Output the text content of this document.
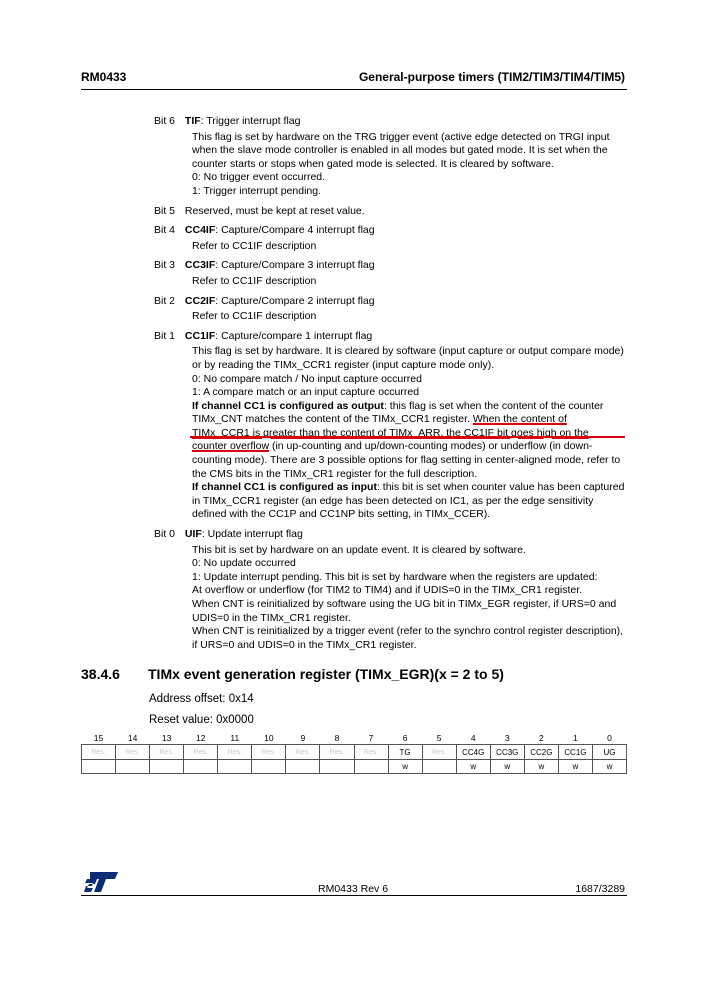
RM0433	General-purpose timers (TIM2/TIM3/TIM4/TIM5)
Bit 6 TIF: Trigger interrupt flag
This flag is set by hardware on the TRG trigger event (active edge detected on TRGI input
when the slave mode controller is enabled in all modes but gated mode. It is set when the
counter starts or stops when gated mode is selected. It is cleared by software.
0: No trigger event occurred.
1: Trigger interrupt pending.
Bit 5 Reserved, must be kept at reset value.
Bit 4 CC4IF: Capture/Compare 4 interrupt flag
Refer to CC1IF description
Bit 3 CC3IF: Capture/Compare 3 interrupt flag
Refer to CC1IF description
Bit 2 CC2IF: Capture/Compare 2 interrupt flag
Refer to CC1IF description
Bit 1 CC1IF: Capture/compare 1 interrupt flag
This flag is set by hardware. It is cleared by software (input capture or output compare mode)
or by reading the TIMx_CCR1 register (input capture mode only).
0: No compare match / No input capture occurred
1: A compare match or an input capture occurred
If channel CC1 is configured as output: this flag is set when the content of the counter
TIMx_CNT matches the content of the TIMx_CCR1 register. When the content of
TIMx_CCR1 is greater than the content of TIMx_ARR, the CC1IF bit goes high on the
counter overflow (in up-counting and up/down-counting modes) or underflow (in down-
counting mode). There are 3 possible options for flag setting in center-aligned mode, refer to
the CMS bits in the TIMx_CR1 register for the full description.
If channel CC1 is configured as input: this bit is set when counter value has been captured
in TIMx_CCR1 register (an edge has been detected on IC1, as per the edge sensitivity
defined with the CC1P and CC1NP bits setting, in TIMx_CCER).
Bit 0 UIF: Update interrupt flag
This bit is set by hardware on an update event. It is cleared by software.
0: No update occurred
1: Update interrupt pending. This bit is set by hardware when the registers are updated:
At overflow or underflow (for TIM2 to TIM4) and if UDIS=0 in the TIMx_CR1 register.
When CNT is reinitialized by software using the UG bit in TIMx_EGR register, if URS=0 and
UDIS=0 in the TIMx_CR1 register.
When CNT is reinitialized by a trigger event (refer to the synchro control register description),
if URS=0 and UDIS=0 in the TIMx_CR1 register.
38.4.6 TIMx event generation register (TIMx_EGR)(x = 2 to 5)
Address offset: 0x14
Reset value: 0x0000
15	14	13	12	11	10	9	8	7	6	5	4	3	2	1	0
Res.	Res.	Res.	Res.	Res.	Res.	Res.	Res.	Res.	TG	Res.	CC4G	CC3G	CC2G	CC1G	UG
									w		w	w	w	w	w
RM0433 Rev 6	1687/3289
